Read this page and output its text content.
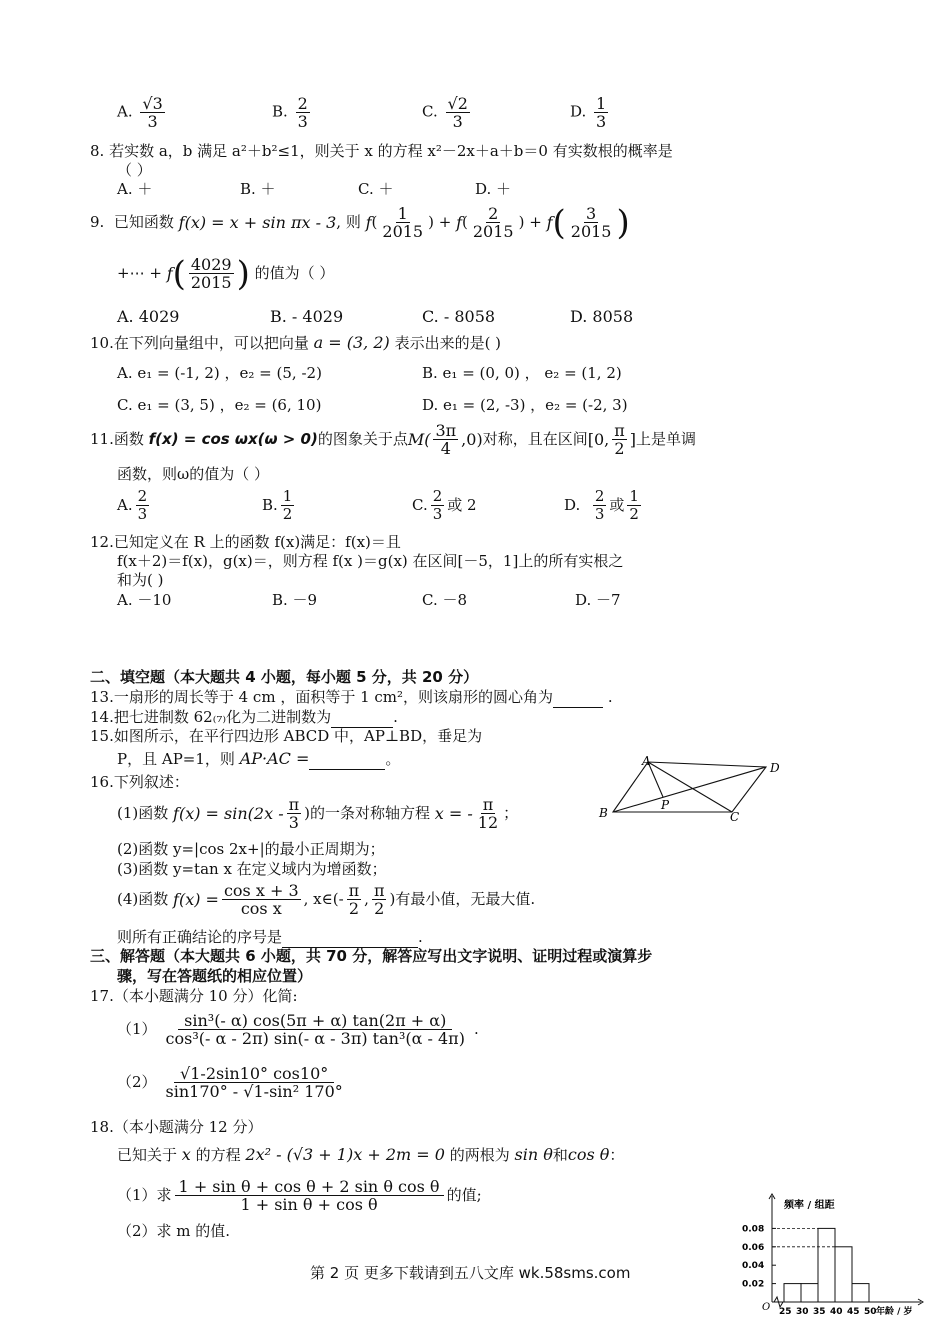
A. $\frac{√3}{3}$	B. $\frac{2}{3}$	C. $\frac{√2}{3}$	D. $\frac{1}{3}$
8. 若实数 a，b 满足 a²＋b²≤1，则关于 x 的方程 x²－2x＋a＋b＝0 有实数根的概率是
（ ）
A. ＋	B. ＋	C. ＋	D. ＋
9.
已知函数
f(x) = x + sin πx - 3 , 则
f ( $\frac{1}{2015}$ ) +
f ( $\frac{2}{2015}$ ) +
f ( $\frac{3}{2015}$ )
+⋯ +
f ( $\frac{4029}{2015}$ )
的值为（ ）
A. 4029	B. - 4029	C. - 8058	D. 8058
10.在下列向量组中，可以把向量 a = (3, 2) 表示出来的是( )
A. e₁ = (-1, 2) ，e₂ = (5, -2)	B. e₁ = (0, 0) ， e₂ = (1, 2)
C. e₁ = (3, 5) ，e₂ = (6, 10)	D. e₁ = (2, -3) ，e₂ = (-2, 3)
11.函数
f(x) = cos ωx(ω > 0) 的图象关于点 $M( \frac{3\pi}{4} ,0)$ 对称，且在区间 [0, $\frac{\pi}{2}$ ] 上是单调
函数，则ω的值为（ ）
A. $\frac{2}{3}$	B. $\frac{1}{2}$	C. $\frac{2}{3}$ 或 2	D.
$\frac{2}{3}$ 或 $\frac{1}{2}$
12.已知定义在 R 上的函数 f(x)满足：f(x)＝且
f(x＋2)＝f(x)，g(x)＝，则方程 f(x )＝g(x) 在区间[－5，1]上的所有实根之
和为( )
A. －10	B. －9	C. －8	D. －7
二、填空题（本大题共 4 小题，每小题 5 分，共 20 分）
13.一扇形的周长等于 4 cm ，面积等于 1 cm²，则该扇形的圆心角为	.
14.把七进制数 62₍₇₎化为二进制数为	.
15.如图所示，在平行四边形 ABCD 中，AP⊥BD，垂足为
P，且 AP=1，则 AP·AC =	。
16.下列叙述：
A
B	C
D
P
(1)函数
$f(x) = \sin(2x - \frac{\pi}{3}$ )的一条对称轴方程
x = - $\frac{\pi}{12}$ ；
(2)函数 y=|cos 2x+|的最小正周期为；
(3)函数 y=tan x 在定义域内为增函数；
(4)函数
$f(x) = \frac{\text{cos x + 3}}{\text{cos x}}$ , x∈(- $\frac{\pi}{2}$ , $\frac{\pi}{2}$ )有最小值，无最大值.
则所有正确结论的序号是	.
三、解答题（本大题共 6 小题，共 70 分，解答应写出文字说明、证明过程或演算步
骤，写在答题纸的相应位置）
17.（本小题满分 10 分）化简:
$(1) \frac{\text{sin³(- α) cos(5π + α) tan(2π + α)}}{\text{cos³(- α - 2π) sin(- α - 3π) tan³(α - 4π)}}$ .
$(2) \frac{√1-2\sin 10^\circ \cos 10^\circ}{\text{sin170° - √1-sin² 170°}}$
18.（本小题满分 12 分）
已知关于 x 的方程 2x² - (√3 + 1)x + 2m = 0 的两根为 sin θ和cos θ：
（1）求 $\frac{\text{1 + sin θ + cos θ + 2 sin θ cos θ}}{\text{1 + sin θ + cos θ}}$ 的值;
（2）求 m 的值.
频率 / 组距
O
0.02
0.04
0.06
0.08
25 30 35 40 45 50 年龄 / 岁
第 2 页 更多下载请到五八文库 wk.58sms.com
